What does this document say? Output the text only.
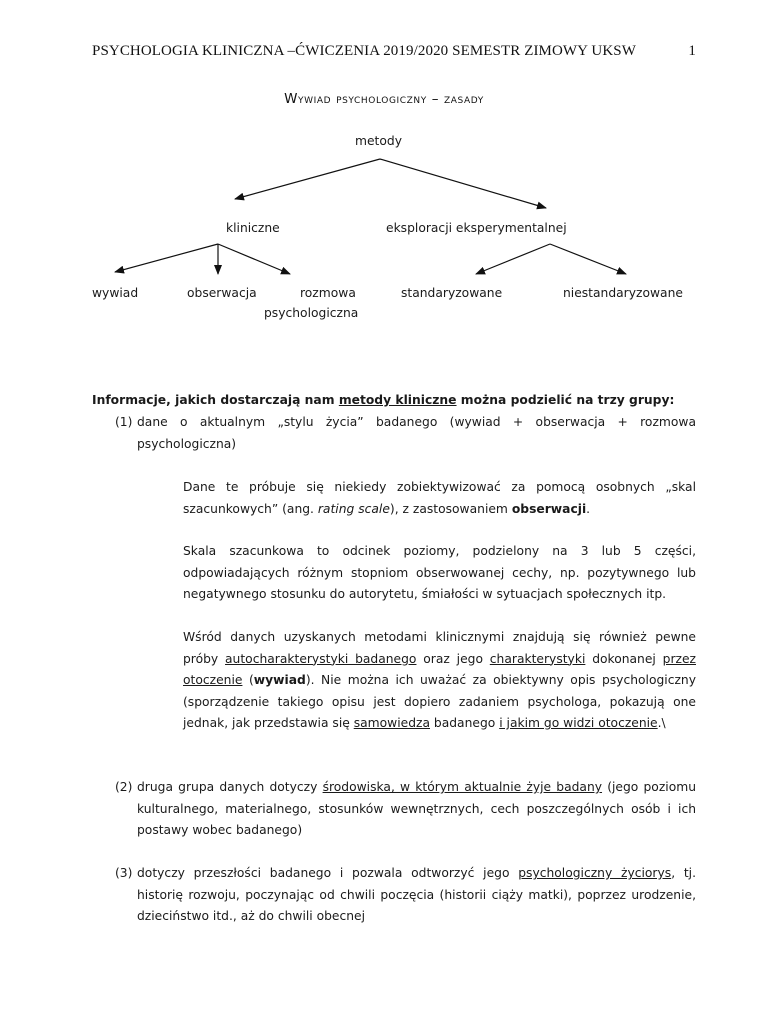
PSYCHOLOGIA KLINICZNA –ĆWICZENIA 2019/2020 SEMESTR ZIMOWY UKSW	1
Wywiad psychologiczny – zasady
metody
kliniczne	eksploracji eksperymentalnej
wywiad	obserwacja	rozmowa
psychologiczna
standaryzowane	niestandaryzowane
Informacje, jakich dostarczają nam metody kliniczne można podzielić na trzy grupy:
(1) dane o aktualnym „stylu życia” badanego (wywiad + obserwacja + rozmowa psychologiczna)
Dane te próbuje się niekiedy zobiektywizować za pomocą osobnych „skal szacunkowych” (ang. rating scale), z zastosowaniem obserwacji.
Skala szacunkowa to odcinek poziomy, podzielony na 3 lub 5 części, odpowiadających różnym stopniom obserwowanej cechy, np. pozytywnego lub negatywnego stosunku do autorytetu, śmiałości w sytuacjach społecznych itp.
Wśród danych uzyskanych metodami klinicznymi znajdują się również pewne próby autocharakterystyki badanego oraz jego charakterystyki dokonanej przez otoczenie (wywiad). Nie można ich uważać za obiektywny opis psychologiczny (sporządzenie takiego opisu jest dopiero zadaniem psychologa, pokazują one jednak, jak przedstawia się samowiedza badanego i jakim go widzi otoczenie.\
(2) druga grupa danych dotyczy środowiska, w którym aktualnie żyje badany (jego poziomu kulturalnego, materialnego, stosunków wewnętrznych, cech poszczególnych osób i ich postawy wobec badanego)
(3) dotyczy przeszłości badanego i pozwala odtworzyć jego psychologiczny życiorys, tj. historię rozwoju, poczynając od chwili poczęcia (historii ciąży matki), poprzez urodzenie, dzieciństwo itd., aż do chwili obecnej
